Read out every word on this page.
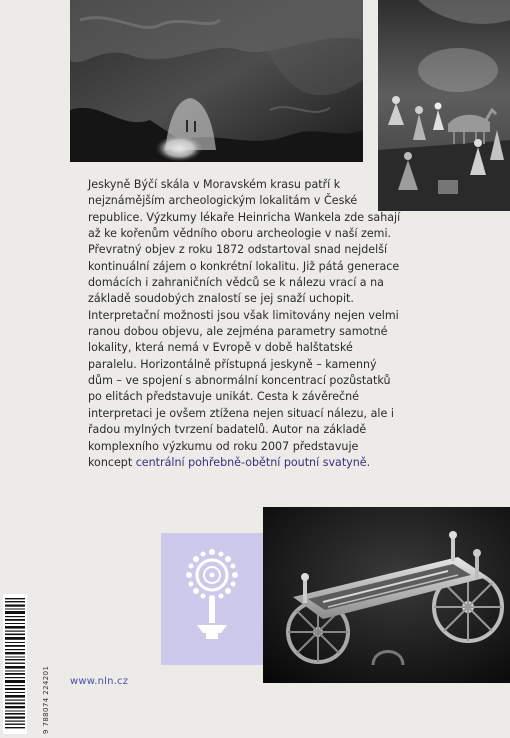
Jeskyně Býčí skála v Moravském krasu patří k nejznámějším archeologickým lokalitám v České republice. Výzkumy lékaře Heinricha Wankela zde sahají až ke kořenům vědního oboru archeologie v naší zemi. Převratný objev z roku 1872 odstartoval snad nejdelší kontinuální zájem o konkrétní lokalitu. Již pátá generace domácích i zahraničních vědců se k nálezu vrací a na základě soudobých znalostí se jej snaží uchopit. Interpretační možnosti jsou však limitovány nejen velmi ranou dobou objevu, ale zejména parametry samotné lokality, která nemá v Evropě v době halštatské paralelu. Horizontálně přístupná jeskyně – kamenný dům – ve spojení s abnormální koncentrací pozůstatků po elitách představuje unikát. Cesta k závěrečné interpretaci je ovšem ztížena nejen situací nálezu, ale i řadou mylných tvrzení badatelů. Autor na základě komplexního výzkumu od roku 2007 představuje koncept centrální pohřebně-obětní poutní svatyně.

9 788074 224201 www.nln.cz
